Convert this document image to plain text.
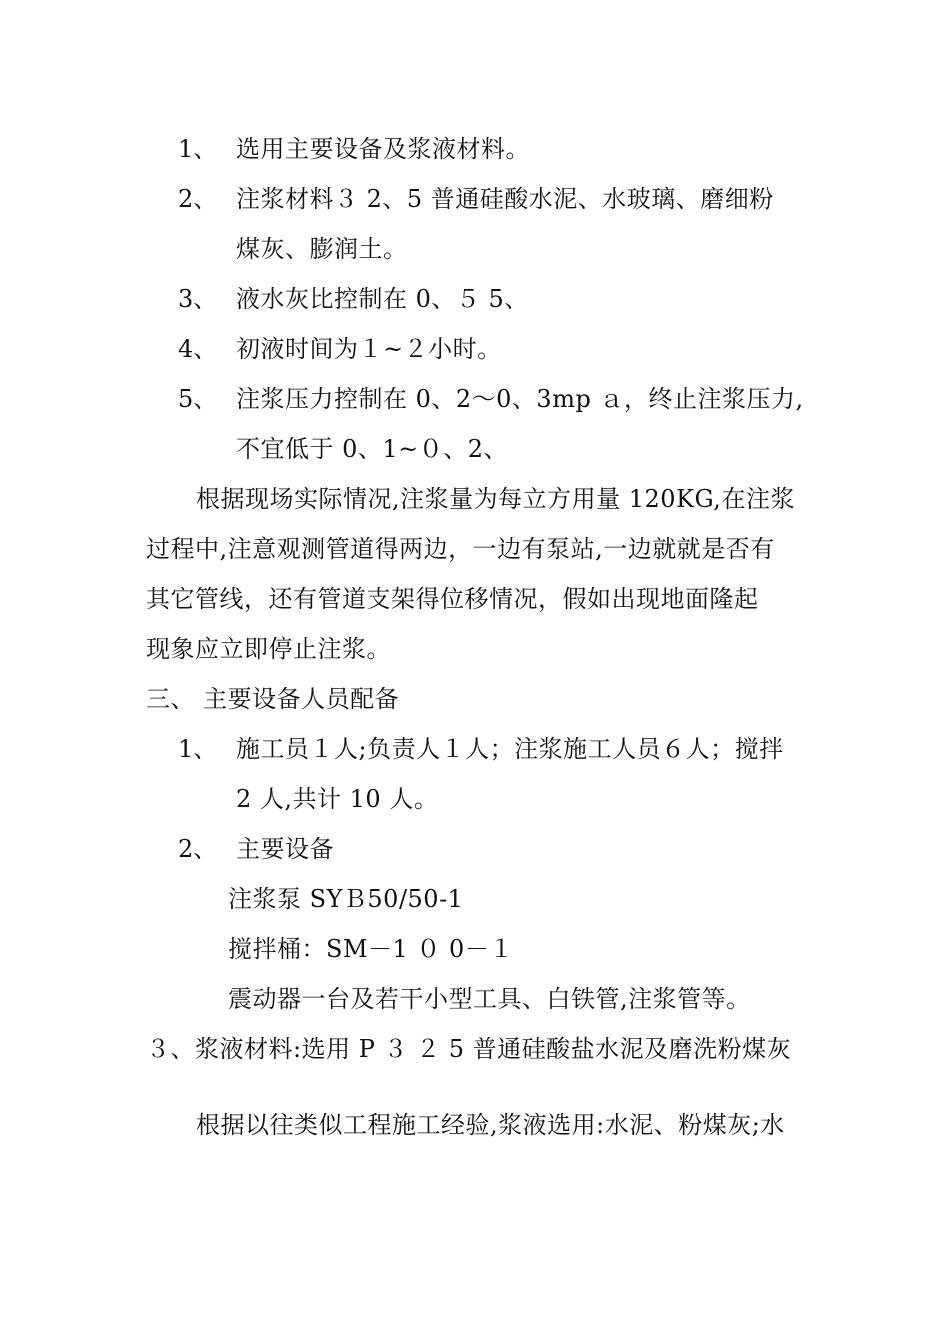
1、 选用主要设备及浆液材料。
2、 注浆材料３ 2、5 普通硅酸水泥、水玻璃、磨细粉
煤灰、膨润土。
3、 液水灰比控制在 0、５ 5、
4、 初液时间为１~２小时。
5、 注浆压力控制在 0、2～0、3mp ａ，终止注浆压力,
不宜低于 0、1~０、2、
根据现场实际情况,注浆量为每立方用量 120KG,在注浆
过程中,注意观测管道得两边，一边有泵站,一边就就是否有
其它管线，还有管道支架得位移情况，假如出现地面隆起
现象应立即停止注浆。
三、 主要设备人员配备
1、 施工员１人;负责人１人；注浆施工人员６人；搅拌
2 人,共计 10 人。
2、 主要设备
注浆泵 SYＢ50/50-1
搅拌桶：SM－1 ０ 0－１
震动器一台及若干小型工具、白铁管,注浆管等。
３、浆液材料:选用 P ３ ２ 5 普通硅酸盐水泥及磨洗粉煤灰
根据以往类似工程施工经验,浆液选用:水泥、粉煤灰;水
